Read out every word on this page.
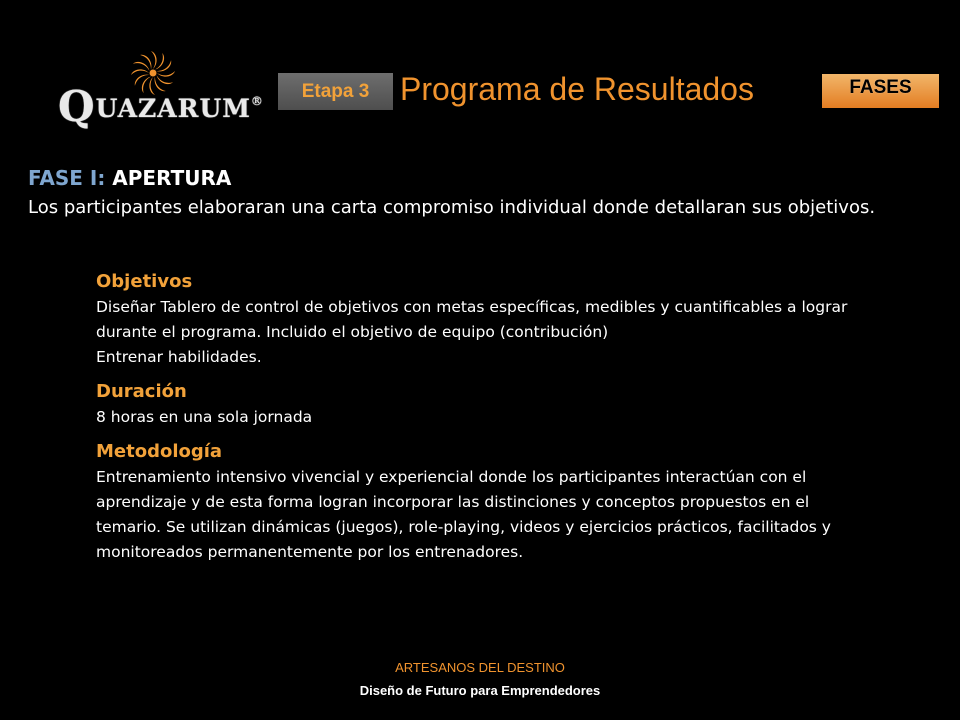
QUAZARUM®	Etapa 3 Programa de Resultados	FASES
FASE I: APERTURA
Los participantes elaboraran una carta compromiso individual donde detallaran sus objetivos.
Objetivos
Diseñar Tablero de control de objetivos con metas específicas, medibles y cuantificables a lograr durante el programa. Incluido el objetivo de equipo (contribución)
Entrenar habilidades.
Duración
8 horas en una sola jornada
Metodología
Entrenamiento intensivo vivencial y experiencial donde los participantes interactúan con el aprendizaje y de esta forma logran incorporar las distinciones y conceptos propuestos en el temario. Se utilizan dinámicas (juegos), role-playing, videos y ejercicios prácticos, facilitados y monitoreados permanentemente por los entrenadores.
ARTESANOS DEL DESTINO
Diseño de Futuro para Emprendedores
